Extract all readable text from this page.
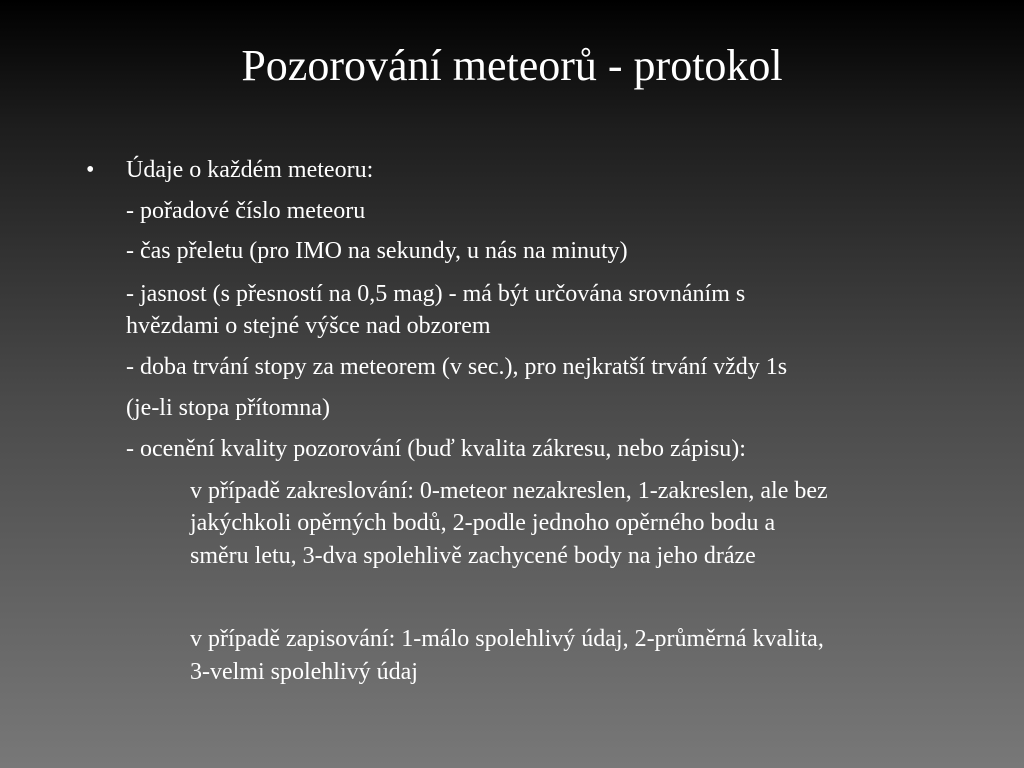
Pozorování meteorů - protokol
• Údaje o každém meteoru:
- pořadové číslo meteoru
- čas přeletu (pro IMO na sekundy, u nás na minuty)
- jasnost (s přesností na 0,5 mag) - má být určována srovnáním s
hvězdami o stejné výšce nad obzorem
- doba trvání stopy za meteorem (v sec.), pro nejkratší trvání vždy 1s
(je-li stopa přítomna)
- ocenění kvality pozorování (buď kvalita zákresu, nebo zápisu):
v případě zakreslování: 0-meteor nezakreslen, 1-zakreslen, ale bez
jakýchkoli opěrných bodů, 2-podle jednoho opěrného bodu a
směru letu, 3-dva spolehlivě zachycené body na jeho dráze
v případě zapisování: 1-málo spolehlivý údaj, 2-průměrná kvalita,
3-velmi spolehlivý údaj
